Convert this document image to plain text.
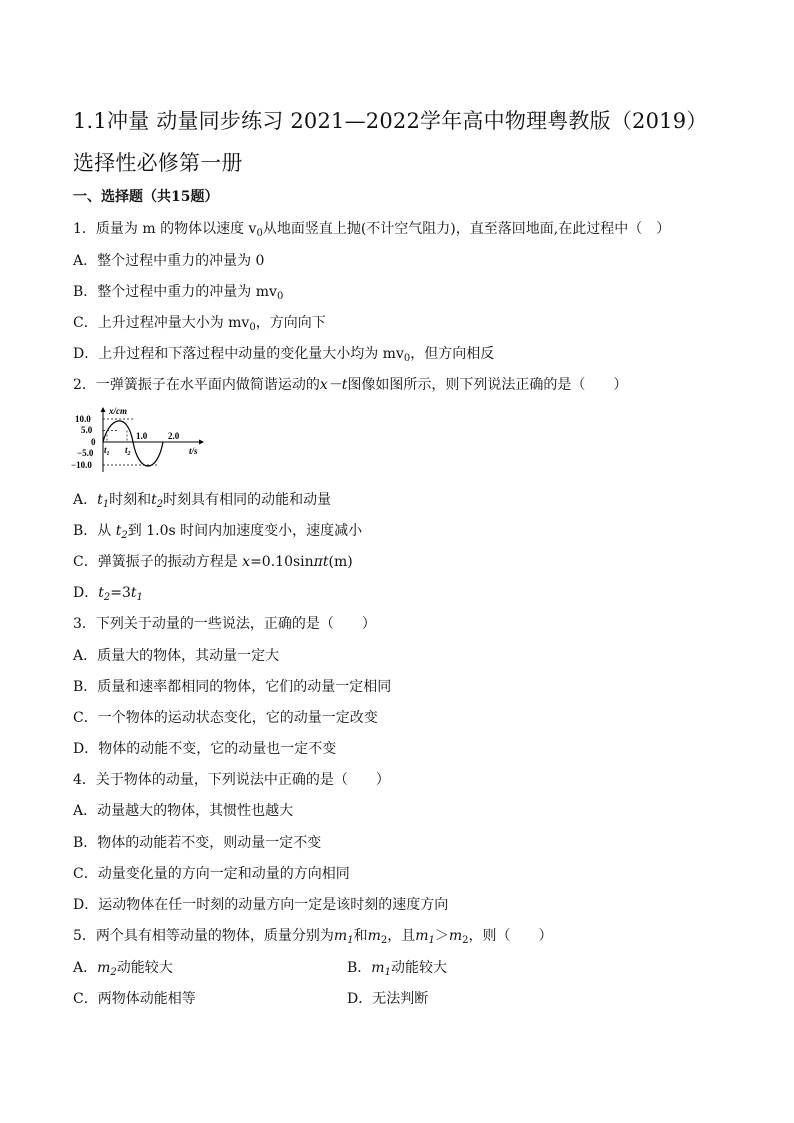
1.1冲量 动量同步练习 2021—2022学年高中物理粤教版（2019）选择性必修第一册
一、选择题（共15题）
1．质量为 m 的物体以速度 $v_0$从地面竖直上抛(不计空气阻力)，直至落回地面,在此过程中（　）
A．整个过程中重力的冲量为 0
B．整个过程中重力的冲量为 $mv_0$
C．上升过程冲量大小为 $mv_0$，方向向下
D．上升过程和下落过程中动量的变化量大小均为 $mv_0$，但方向相反
2．一弹簧振子在水平面内做简谐运动的x－t图像如图所示，则下列说法正确的是（　　）
x/cm
10.0
5.0
0
−5.0
−10.0
1.0 2.0
$t_1$ $t_2$	t/s
A．$t_1$时刻和$t_2$时刻具有相同的动能和动量
B．从 $t_2$到 1.0s 时间内加速度变小，速度减小
C．弹簧振子的振动方程是 x=0.10sinπt(m)
D．$t_2=3t_1$
3．下列关于动量的一些说法，正确的是（　　）
A．质量大的物体，其动量一定大
B．质量和速率都相同的物体，它们的动量一定相同
C．一个物体的运动状态变化，它的动量一定改变
D．物体的动能不变，它的动量也一定不变
4．关于物体的动量，下列说法中正确的是（　　）
A．动量越大的物体，其惯性也越大
B．物体的动能若不变，则动量一定不变
C．动量变化量的方向一定和动量的方向相同
D．运动物体在任一时刻的动量方向一定是该时刻的速度方向
5．两个具有相等动量的物体，质量分别为$m_1$和$m_2$，且$m_1>m_2$，则（　　）
A．$m_2$动能较大	B．$m_1$动能较大
C．两物体动能相等	D．无法判断
